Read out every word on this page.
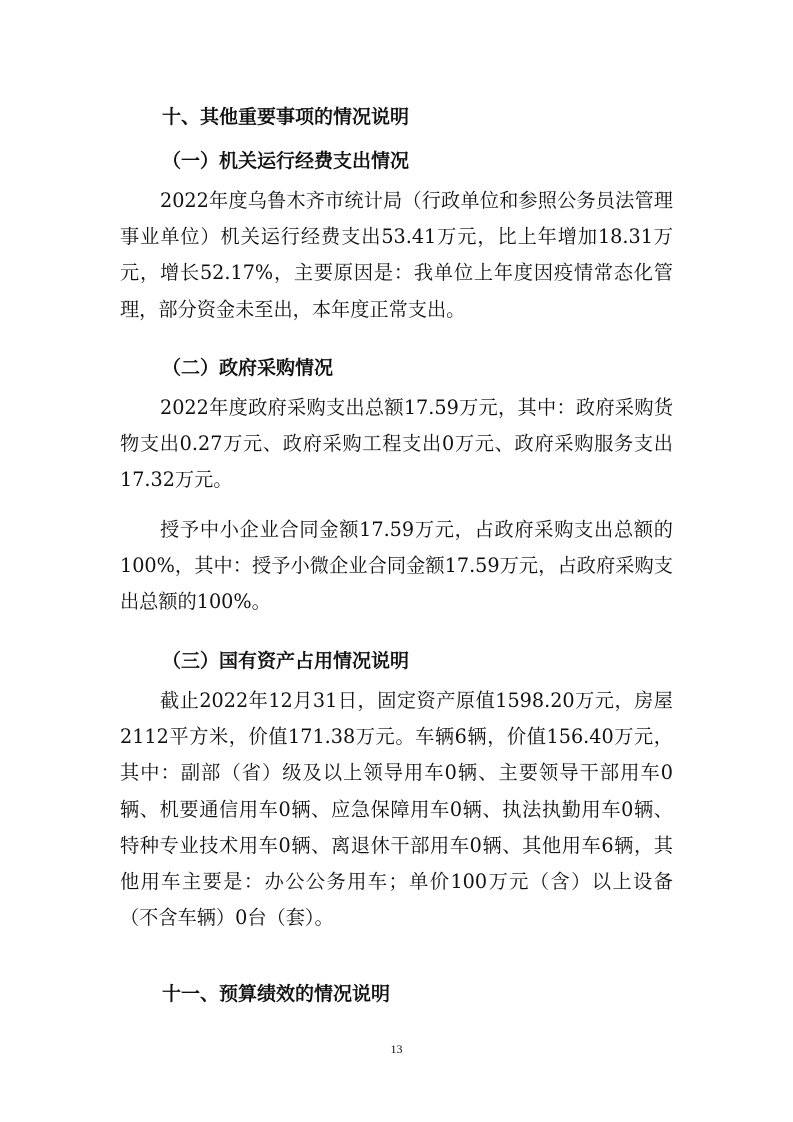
十、其他重要事项的情况说明
（一）机关运行经费支出情况
2022年度乌鲁木齐市统计局（行政单位和参照公务员法管理事业单位）机关运行经费支出53.41万元，比上年增加18.31万元，增长52.17%，主要原因是：我单位上年度因疫情常态化管理，部分资金未至出，本年度正常支出。
（二）政府采购情况
2022年度政府采购支出总额17.59万元，其中：政府采购货物支出0.27万元、政府采购工程支出0万元、政府采购服务支出17.32万元。
授予中小企业合同金额17.59万元，占政府采购支出总额的100%，其中：授予小微企业合同金额17.59万元，占政府采购支出总额的100%。
（三）国有资产占用情况说明
截止2022年12月31日，固定资产原值1598.20万元，房屋2112平方米，价值171.38万元。车辆6辆，价值156.40万元，其中：副部（省）级及以上领导用车0辆、主要领导干部用车0辆、机要通信用车0辆、应急保障用车0辆、执法执勤用车0辆、特种专业技术用车0辆、离退休干部用车0辆、其他用车6辆，其他用车主要是：办公公务用车；单价100万元（含）以上设备（不含车辆）0台（套）。
十一、预算绩效的情况说明
13
